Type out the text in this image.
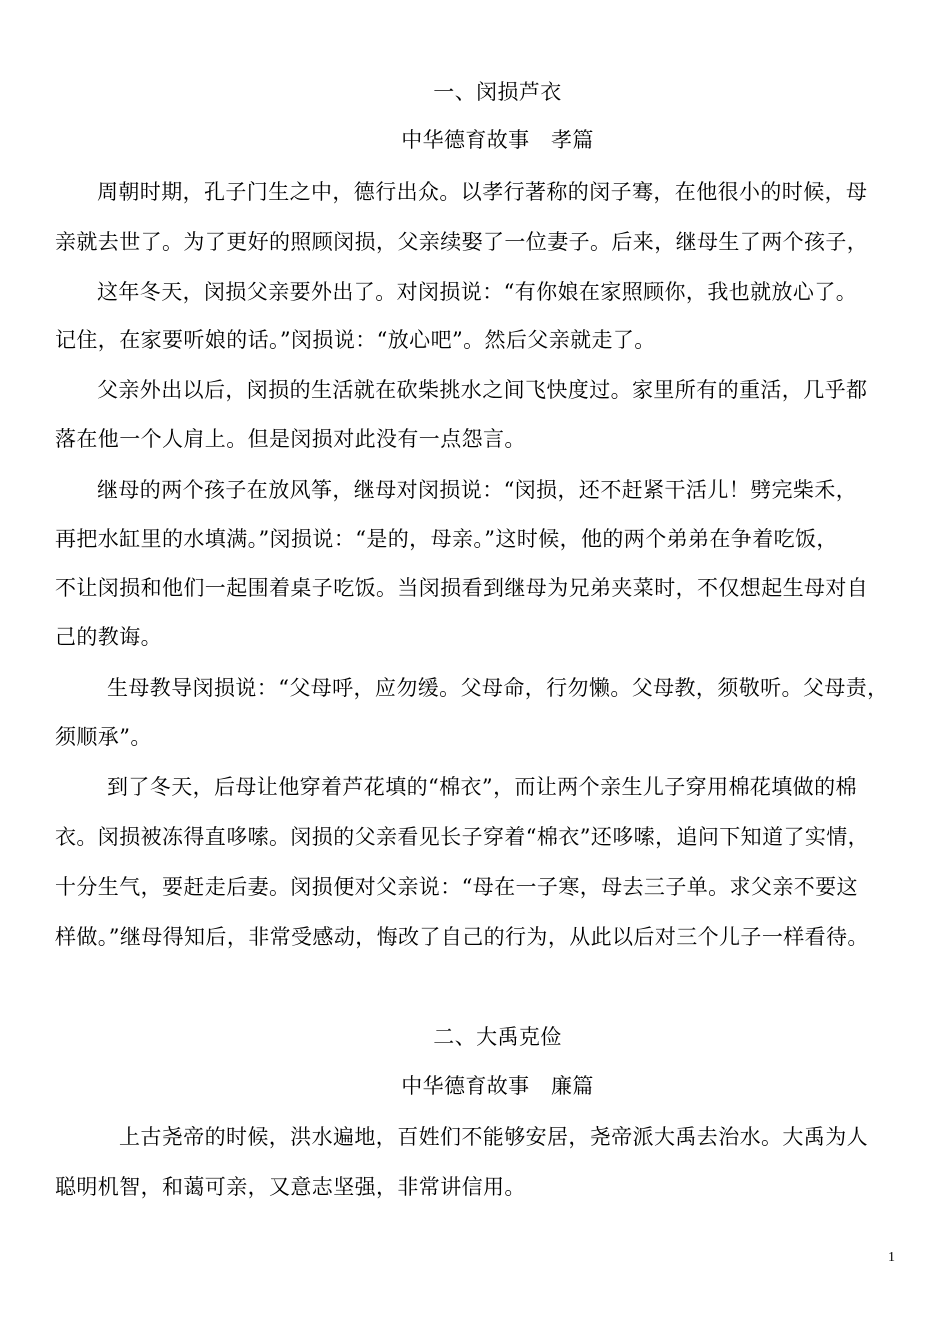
一、闵损芦衣
中华德育故事　孝篇
周朝时期，孔子门生之中，德行出众。以孝行著称的闵子骞，在他很小的时候，母
亲就去世了。为了更好的照顾闵损，父亲续娶了一位妻子。后来，继母生了两个孩子，
这年冬天，闵损父亲要外出了。对闵损说：“有你娘在家照顾你，我也就放心了。
记住，在家要听娘的话。”闵损说：“放心吧”。然后父亲就走了。
父亲外出以后，闵损的生活就在砍柴挑水之间飞快度过。家里所有的重活，几乎都
落在他一个人肩上。但是闵损对此没有一点怨言。
继母的两个孩子在放风筝，继母对闵损说：“闵损，还不赶紧干活儿！劈完柴禾，
再把水缸里的水填满。”闵损说：“是的，母亲。”这时候，他的两个弟弟在争着吃饭，
不让闵损和他们一起围着桌子吃饭。当闵损看到继母为兄弟夹菜时，不仅想起生母对自
己的教诲。
生母教导闵损说：“父母呼，应勿缓。父母命，行勿懒。父母教，须敬听。父母责，
须顺承”。
到了冬天，后母让他穿着芦花填的“棉衣”，而让两个亲生儿子穿用棉花填做的棉
衣。闵损被冻得直哆嗦。闵损的父亲看见长子穿着“棉衣”还哆嗦，追问下知道了实情，
十分生气，要赶走后妻。闵损便对父亲说：“母在一子寒，母去三子单。求父亲不要这
样做。”继母得知后，非常受感动，悔改了自己的行为，从此以后对三个儿子一样看待。
二、大禹克俭
中华德育故事　廉篇
上古尧帝的时候，洪水遍地，百姓们不能够安居，尧帝派大禹去治水。大禹为人
聪明机智，和蔼可亲，又意志坚强，非常讲信用。
1
